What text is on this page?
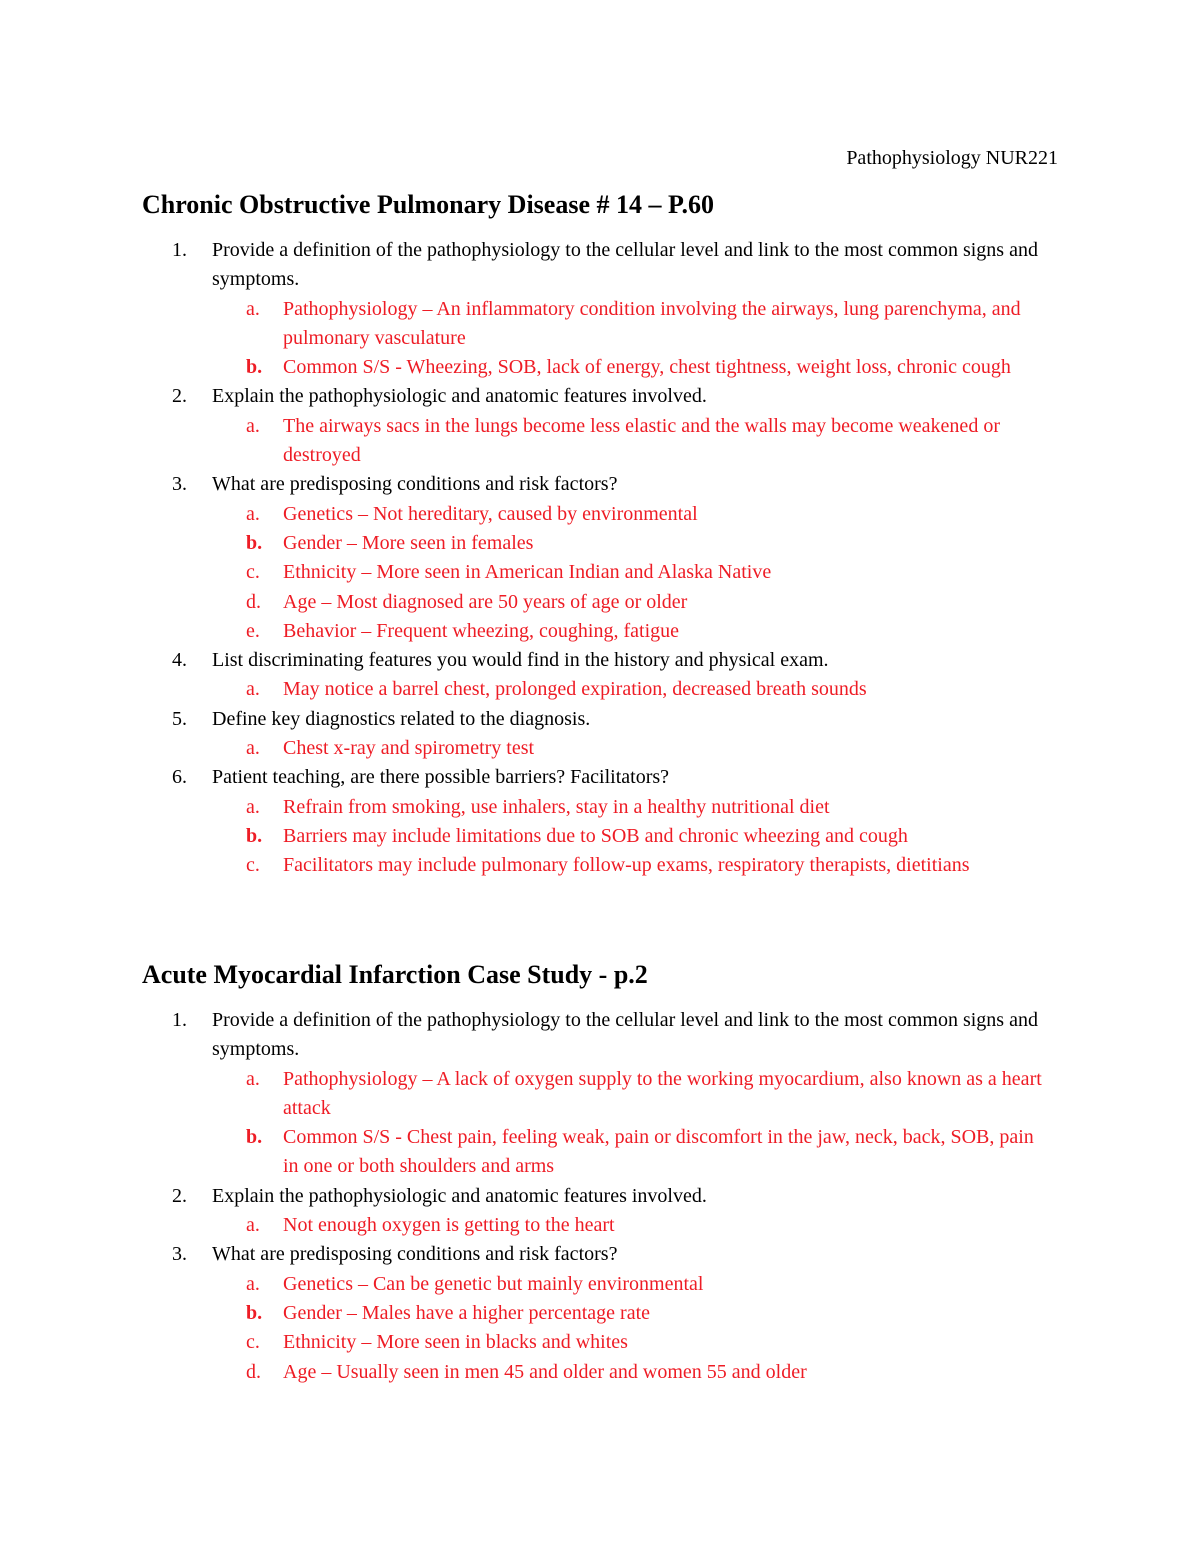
Pathophysiology NUR221
Chronic Obstructive Pulmonary Disease # 14 – P.60
1. Provide a definition of the pathophysiology to the cellular level and link to the most common signs and symptoms.
a. Pathophysiology – An inflammatory condition involving the airways, lung parenchyma, and pulmonary vasculature
b. Common S/S - Wheezing, SOB, lack of energy, chest tightness, weight loss, chronic cough
2. Explain the pathophysiologic and anatomic features involved.
a. The airways sacs in the lungs become less elastic and the walls may become weakened or destroyed
3. What are predisposing conditions and risk factors?
a. Genetics – Not hereditary, caused by environmental
b. Gender – More seen in females
c. Ethnicity – More seen in American Indian and Alaska Native
d. Age – Most diagnosed are 50 years of age or older
e. Behavior – Frequent wheezing, coughing, fatigue
4. List discriminating features you would find in the history and physical exam.
a. May notice a barrel chest, prolonged expiration, decreased breath sounds
5. Define key diagnostics related to the diagnosis.
a. Chest x-ray and spirometry test
6. Patient teaching, are there possible barriers? Facilitators?
a. Refrain from smoking, use inhalers, stay in a healthy nutritional diet
b. Barriers may include limitations due to SOB and chronic wheezing and cough
c. Facilitators may include pulmonary follow-up exams, respiratory therapists, dietitians
Acute Myocardial Infarction Case Study - p.2
1. Provide a definition of the pathophysiology to the cellular level and link to the most common signs and symptoms.
a. Pathophysiology – A lack of oxygen supply to the working myocardium, also known as a heart attack
b. Common S/S - Chest pain, feeling weak, pain or discomfort in the jaw, neck, back, SOB, pain in one or both shoulders and arms
2. Explain the pathophysiologic and anatomic features involved.
a. Not enough oxygen is getting to the heart
3. What are predisposing conditions and risk factors?
a. Genetics – Can be genetic but mainly environmental
b. Gender – Males have a higher percentage rate
c. Ethnicity – More seen in blacks and whites
d. Age – Usually seen in men 45 and older and women 55 and older
